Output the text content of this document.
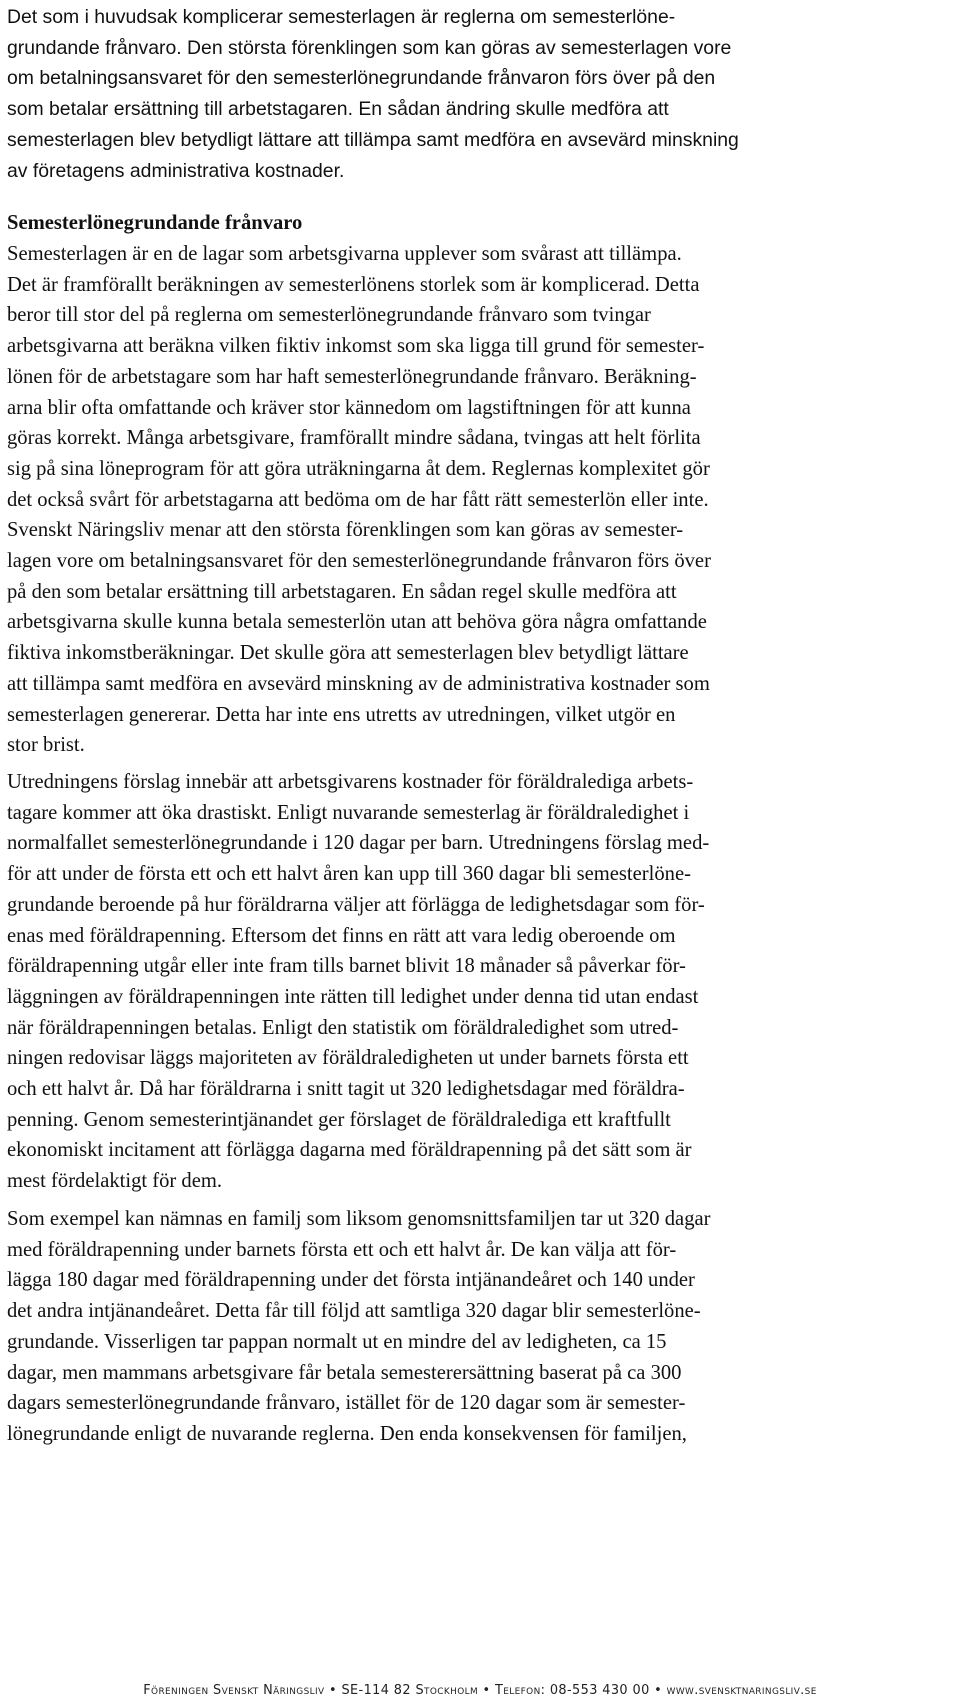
Det som i huvudsak komplicerar semesterlagen är reglerna om semesterlöne-
grundande frånvaro. Den största förenklingen som kan göras av semesterlagen vore
om betalningsansvaret för den semesterlönegrundande frånvaron förs över på den
som betalar ersättning till arbetstagaren. En sådan ändring skulle medföra att
semesterlagen blev betydligt lättare att tillämpa samt medföra en avsevärd minskning
av företagens administrativa kostnader.
Semesterlönegrundande frånvaro
Semesterlagen är en de lagar som arbetsgivarna upplever som svårast att tillämpa.
Det är framförallt beräkningen av semesterlönens storlek som är komplicerad. Detta
beror till stor del på reglerna om semesterlönegrundande frånvaro som tvingar
arbetsgivarna att beräkna vilken fiktiv inkomst som ska ligga till grund för semester-
lönen för de arbetstagare som har haft semesterlönegrundande frånvaro. Beräkning-
arna blir ofta omfattande och kräver stor kännedom om lagstiftningen för att kunna
göras korrekt. Många arbetsgivare, framförallt mindre sådana, tvingas att helt förlita
sig på sina löneprogram för att göra uträkningarna åt dem. Reglernas komplexitet gör
det också svårt för arbetstagarna att bedöma om de har fått rätt semesterlön eller inte.
Svenskt Näringsliv menar att den största förenklingen som kan göras av semester-
lagen vore om betalningsansvaret för den semesterlönegrundande frånvaron förs över
på den som betalar ersättning till arbetstagaren. En sådan regel skulle medföra att
arbetsgivarna skulle kunna betala semesterlön utan att behöva göra några omfattande
fiktiva inkomstberäkningar. Det skulle göra att semesterlagen blev betydligt lättare
att tillämpa samt medföra en avsevärd minskning av de administrativa kostnader som
semesterlagen genererar. Detta har inte ens utretts av utredningen, vilket utgör en
stor brist.
Utredningens förslag innebär att arbetsgivarens kostnader för föräldralediga arbets-
tagare kommer att öka drastiskt. Enligt nuvarande semesterlag är föräldraledighet i
normalfallet semesterlönegrundande i 120 dagar per barn. Utredningens förslag med-
för att under de första ett och ett halvt åren kan upp till 360 dagar bli semesterlöne-
grundande beroende på hur föräldrarna väljer att förlägga de ledighetsdagar som för-
enas med föräldrapenning. Eftersom det finns en rätt att vara ledig oberoende om
föräldrapenning utgår eller inte fram tills barnet blivit 18 månader så påverkar för-
läggningen av föräldrapenningen inte rätten till ledighet under denna tid utan endast
när föräldrapenningen betalas. Enligt den statistik om föräldraledighet som utred-
ningen redovisar läggs majoriteten av föräldraledigheten ut under barnets första ett
och ett halvt år. Då har föräldrarna i snitt tagit ut 320 ledighetsdagar med föräldra-
penning. Genom semesterintjänandet ger förslaget de föräldralediga ett kraftfullt
ekonomiskt incitament att förlägga dagarna med föräldrapenning på det sätt som är
mest fördelaktigt för dem.
Som exempel kan nämnas en familj som liksom genomsnittsfamiljen tar ut 320 dagar
med föräldrapenning under barnets första ett och ett halvt år. De kan välja att för-
lägga 180 dagar med föräldrapenning under det första intjänandeåret och 140 under
det andra intjänandeåret. Detta får till följd att samtliga 320 dagar blir semesterlöne-
grundande. Visserligen tar pappan normalt ut en mindre del av ledigheten, ca 15
dagar, men mammans arbetsgivare får betala semesterersättning baserat på ca 300
dagars semesterlönegrundande frånvaro, istället för de 120 dagar som är semester-
lönegrundande enligt de nuvarande reglerna. Den enda konsekvensen för familjen,
Föreningen Svenskt Näringsliv • SE-114 82 Stockholm • Telefon: 08-553 430 00 • www.svensktnaringsliv.se
